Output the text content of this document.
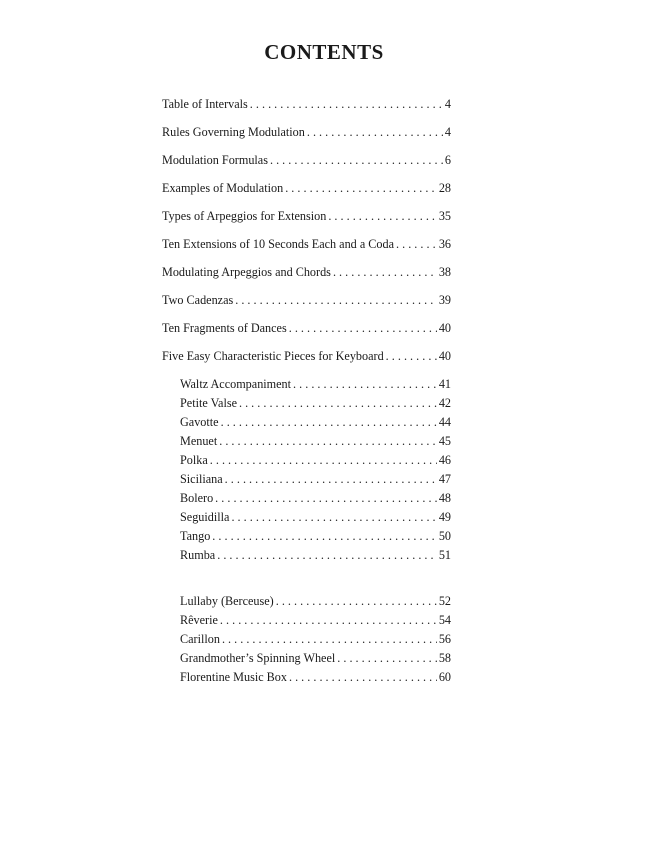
CONTENTS
Table of Intervals . . .	4
Rules Governing Modulation . . .	4
Modulation Formulas . . .	6
Examples of Modulation . . .	28
Types of Arpeggios for Extension . . .	35
Ten Extensions of 10 Seconds Each and a Coda . . .	36
Modulating Arpeggios and Chords . . .	38
Two Cadenzas . . .	39
Ten Fragments of Dances . . .	40
Five Easy Characteristic Pieces for Keyboard . . .	40
Waltz Accompaniment . . .	41
Petite Valse . . .	42
Gavotte . . .	44
Menuet . . .	45
Polka . . .	46
Siciliana . . .	47
Bolero . . .	48
Seguidilla . . .	49
Tango . . .	50
Rumba . . .	51
Lullaby (Berceuse) . . .	52
Rêverie . . .	54
Carillon . . .	56
Grandmother’s Spinning Wheel . . .	58
Florentine Music Box . . .	60
